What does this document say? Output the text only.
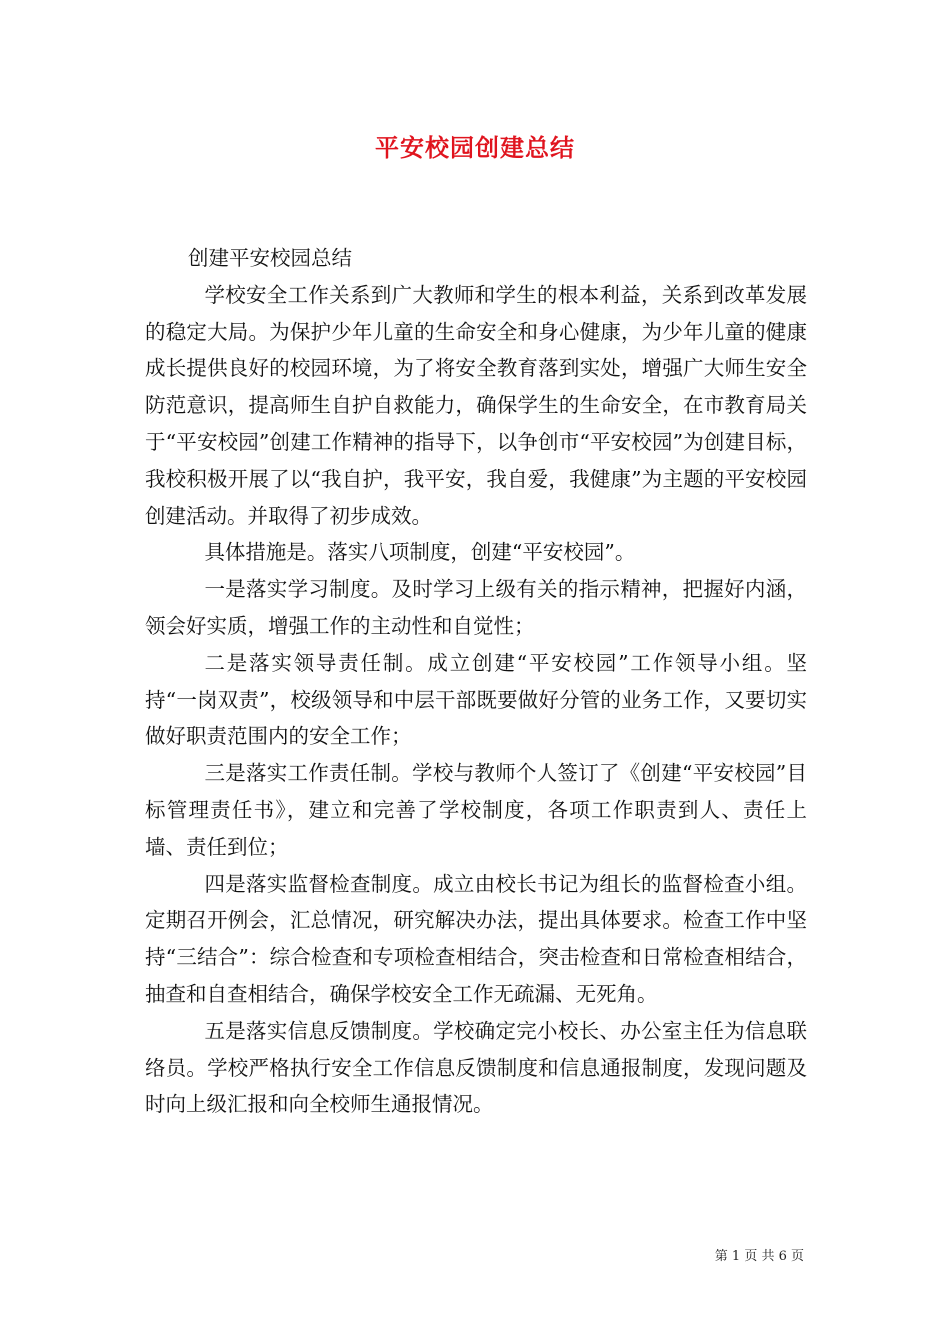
平安校园创建总结

创建平安校园总结

学校安全工作关系到广大教师和学生的根本利益，关系到改革发展的稳定大局。为保护少年儿童的生命安全和身心健康，为少年儿童的健康成长提供良好的校园环境，为了将安全教育落到实处，增强广大师生安全防范意识，提高师生自护自救能力，确保学生的生命安全，在市教育局关于“平安校园”创建工作精神的指导下，以争创市“平安校园”为创建目标，我校积极开展了以“我自护，我平安，我自爱，我健康”为主题的平安校园创建活动。并取得了初步成效。

具体措施是。落实八项制度，创建“平安校园”。

一是落实学习制度。及时学习上级有关的指示精神，把握好内涵，领会好实质，增强工作的主动性和自觉性；

二是落实领导责任制。成立创建“平安校园”工作领导小组。坚持“一岗双责”，校级领导和中层干部既要做好分管的业务工作，又要切实做好职责范围内的安全工作；

三是落实工作责任制。学校与教师个人签订了《创建“平安校园”目标管理责任书》，建立和完善了学校制度，各项工作职责到人、责任上墙、责任到位；

四是落实监督检查制度。成立由校长书记为组长的监督检查小组。定期召开例会，汇总情况，研究解决办法，提出具体要求。检查工作中坚持“三结合”：综合检查和专项检查相结合，突击检查和日常检查相结合，抽查和自查相结合，确保学校安全工作无疏漏、无死角。

五是落实信息反馈制度。学校确定完小校长、办公室主任为信息联络员。学校严格执行安全工作信息反馈制度和信息通报制度，发现问题及时向上级汇报和向全校师生通报情况。

第 1 页 共 6 页
